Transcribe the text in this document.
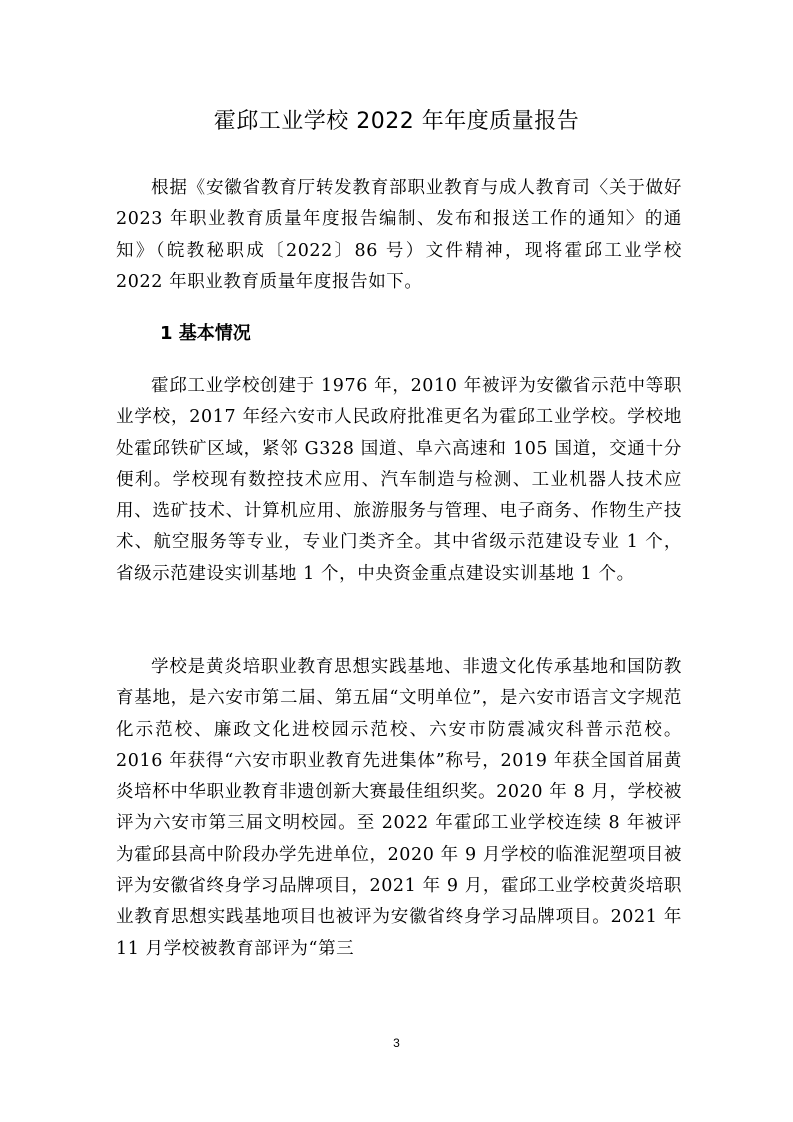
霍邱工业学校 2022 年年度质量报告

根据《安徽省教育厅转发教育部职业教育与成人教育司〈关于做好 2023 年职业教育质量年度报告编制、发布和报送工作的通知〉的通知》（皖教秘职成〔2022〕86 号）文件精神，现将霍邱工业学校 2022 年职业教育质量年度报告如下。

1 基本情况

霍邱工业学校创建于 1976 年，2010 年被评为安徽省示范中等职业学校，2017 年经六安市人民政府批准更名为霍邱工业学校。学校地处霍邱铁矿区域，紧邻 G328 国道、阜六高速和 105 国道，交通十分便利。学校现有数控技术应用、汽车制造与检测、工业机器人技术应用、选矿技术、计算机应用、旅游服务与管理、电子商务、作物生产技术、航空服务等专业，专业门类齐全。其中省级示范建设专业 1 个，省级示范建设实训基地 1 个，中央资金重点建设实训基地 1 个。

学校是黄炎培职业教育思想实践基地、非遗文化传承基地和国防教育基地，是六安市第二届、第五届“文明单位”，是六安市语言文字规范化示范校、廉政文化进校园示范校、六安市防震减灾科普示范校。2016 年获得“六安市职业教育先进集体”称号，2019 年获全国首届黄炎培杯中华职业教育非遗创新大赛最佳组织奖。2020 年 8 月，学校被评为六安市第三届文明校园。至 2022 年霍邱工业学校连续 8 年被评为霍邱县高中阶段办学先进单位，2020 年 9 月学校的临淮泥塑项目被评为安徽省终身学习品牌项目，2021 年 9 月，霍邱工业学校黄炎培职业教育思想实践基地项目也被评为安徽省终身学习品牌项目。2021 年 11 月学校被教育部评为“第三

3
